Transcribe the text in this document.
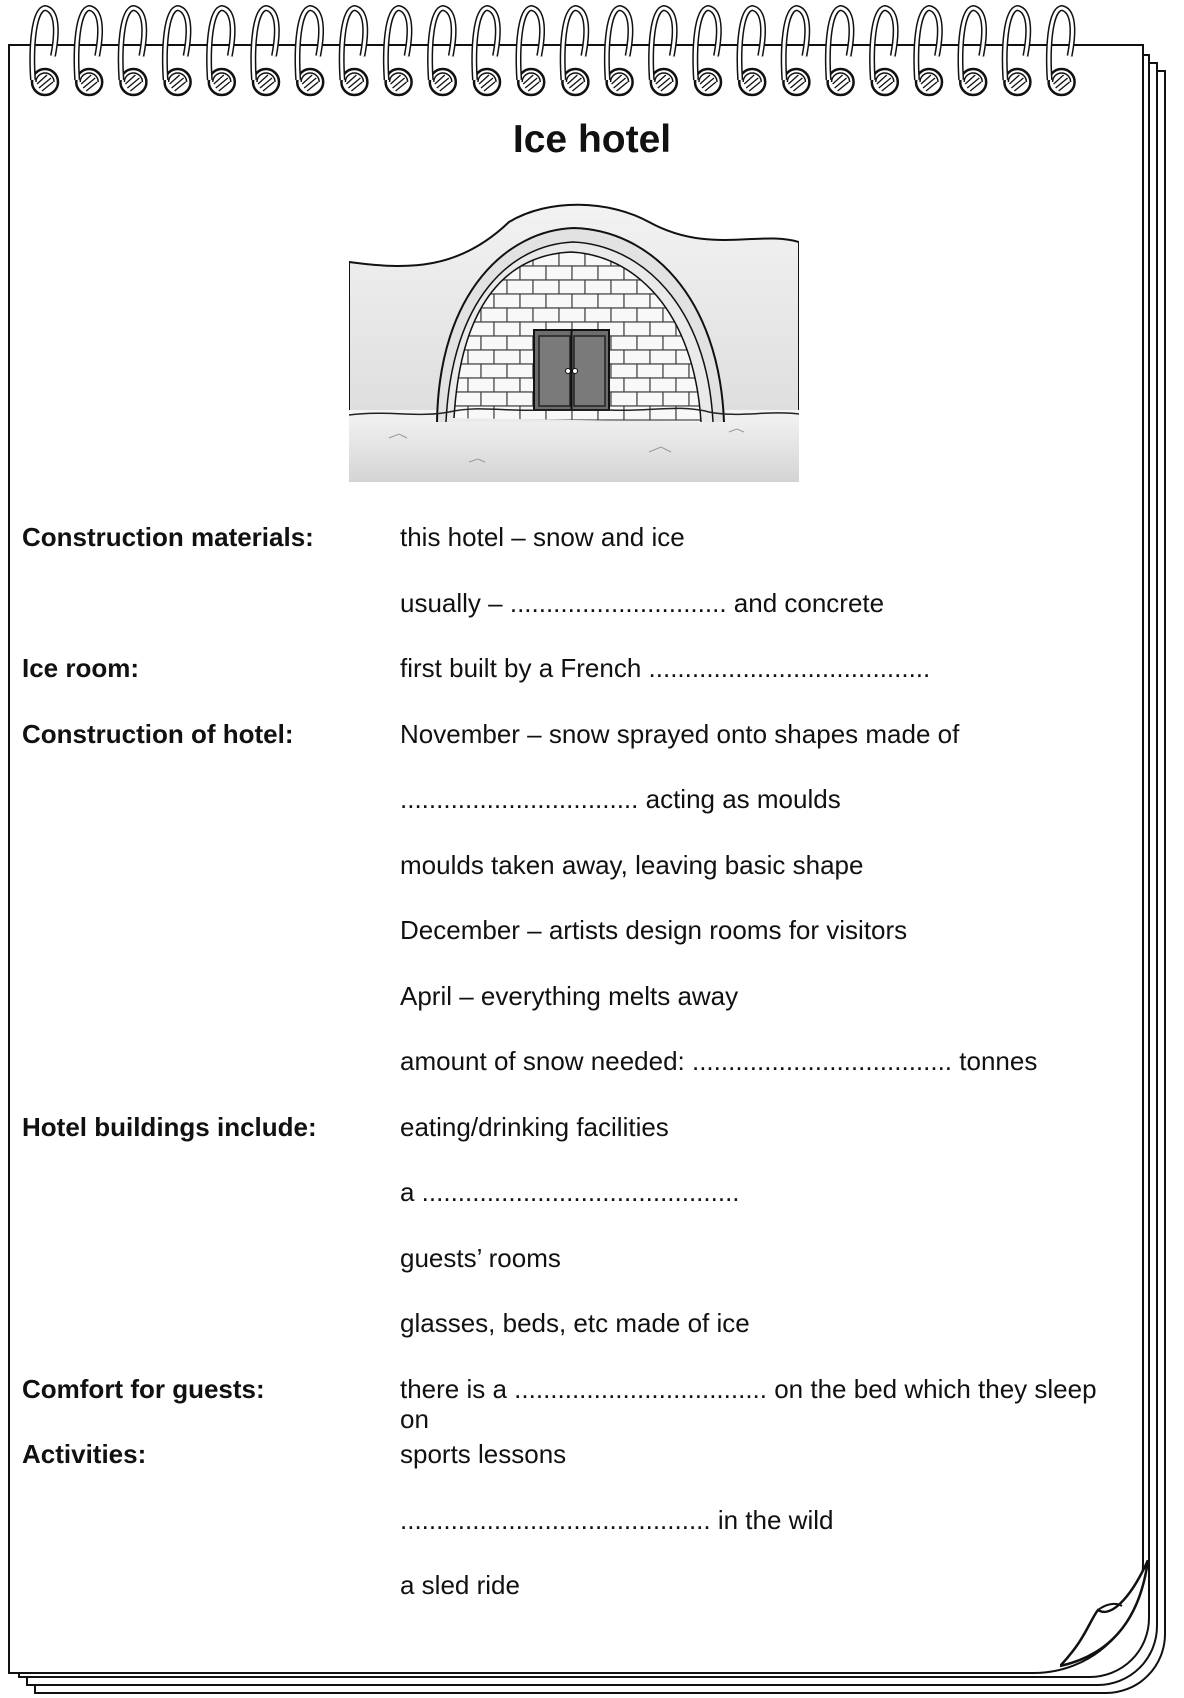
Ice hotel
Construction materials:	this hotel – snow and ice
usually – .............................. and concrete
Ice room:	first built by a French .......................................
Construction of hotel:	November – snow sprayed onto shapes made of
................................. acting as moulds
moulds taken away, leaving basic shape
December – artists design rooms for visitors
April – everything melts away
amount of snow needed: .................................... tonnes
Hotel buildings include:	eating/drinking facilities
a ............................................
guests’ rooms
glasses, beds, etc made of ice
Comfort for guests:	there is a ................................... on the bed which they sleep on
Activities:	sports lessons
........................................... in the wild
a sled ride
